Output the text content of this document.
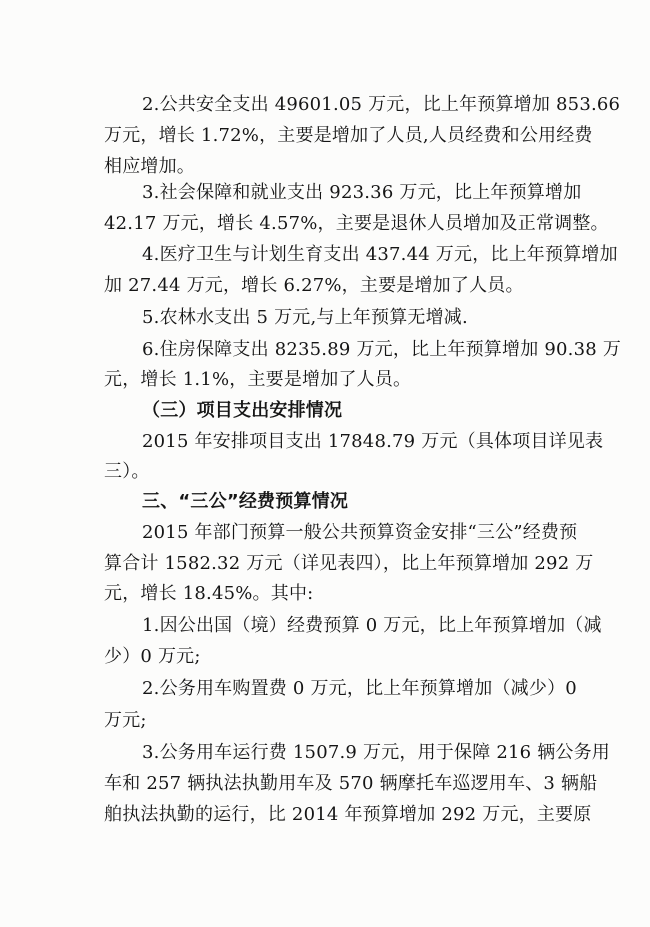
2.公共安全支出 49601.05 万元，比上年预算增加 853.66
万元，增长 1.72%，主要是增加了人员,人员经费和公用经费
相应增加。
3.社会保障和就业支出 923.36 万元，比上年预算增加
42.17 万元，增长 4.57%，主要是退休人员增加及正常调整。
4.医疗卫生与计划生育支出 437.44 万元，比上年预算增加
加 27.44 万元，增长 6.27%，主要是增加了人员。
5.农林水支出 5 万元,与上年预算无增减.
6.住房保障支出 8235.89 万元，比上年预算增加 90.38 万
元，增长 1.1%，主要是增加了人员。
（三）项目支出安排情况
2015 年安排项目支出 17848.79 万元（具体项目详见表
三）。
三、“三公”经费预算情况
2015 年部门预算一般公共预算资金安排“三公”经费预
算合计 1582.32 万元（详见表四），比上年预算增加 292 万
元，增长 18.45%。其中:
1.因公出国（境）经费预算 0 万元，比上年预算增加（减
少）0 万元;
2.公务用车购置费 0 万元，比上年预算增加（减少）0
万元;
3.公务用车运行费 1507.9 万元，用于保障 216 辆公务用
车和 257 辆执法执勤用车及 570 辆摩托车巡逻用车、3 辆船
舶执法执勤的运行，比 2014 年预算增加 292 万元，主要原
